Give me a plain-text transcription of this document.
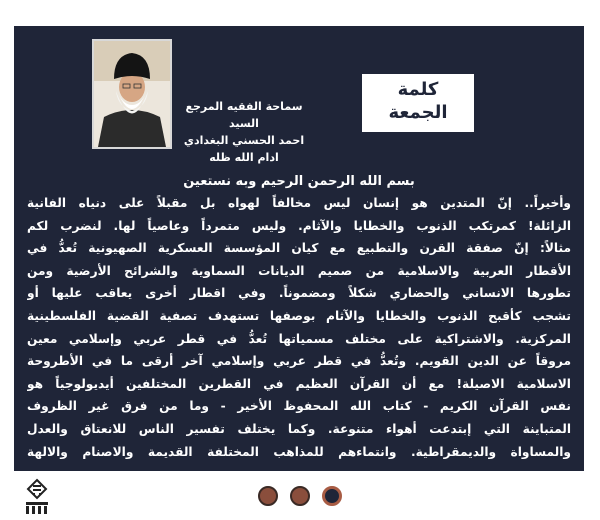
سماحة الفقيه المرجع السيد
احمد الحسني البغدادي
ادام الله ظله
كلمة
الجمعة
بسم الله الرحمن الرحيم وبه نستعين
وأخيراً.. إنّ المتدين هو إنسان ليس مخالفاً لهواه بل مقبلاً على دنياه الفانية
الزائلة! كمرتكب الذنوب والخطايا والآثام. وليس متمرداً وعاصياً لها. لنضرب لكم
مثالاً: إنّ صفقة القرن والتطبيع مع كيان المؤسسة العسكرية الصهيونية تُعدُّ في
الأقطار العربية والاسلامية من صميم الديانات السماوية والشرائح الأرضية ومن
تطورها الانساني والحضاري شكلاً ومضموناً. وفي اقطار أخرى يعاقب عليها أو
تشجب كأقبح الذنوب والخطايا والآثام بوصفها تستهدف تصفية القضية الفلسطينية
المركزية. والاشتراكية على مختلف مسمياتها تُعدُّ في قطر عربي وإسلامي معين
مروقاً عن الدين القويم. وتُعدُّ في قطر عربي وإسلامي آخر أرقى ما في الأطروحة
الاسلامية الاصيلة! مع أن القرآن العظيم في القطرين المختلفين أيديولوجياً هو
نفس القرآن الكريم - كتاب الله المحفوظ الأخير - وما من فرق غير الظروف
المتباينة التي إبتدعت أهواء متنوعة. وكما يختلف تفسير الناس للانعتاق والعدل
والمساواة والديمقراطية. وانتماءهم للمذاهب المختلفة القديمة والاصنام والالهة
